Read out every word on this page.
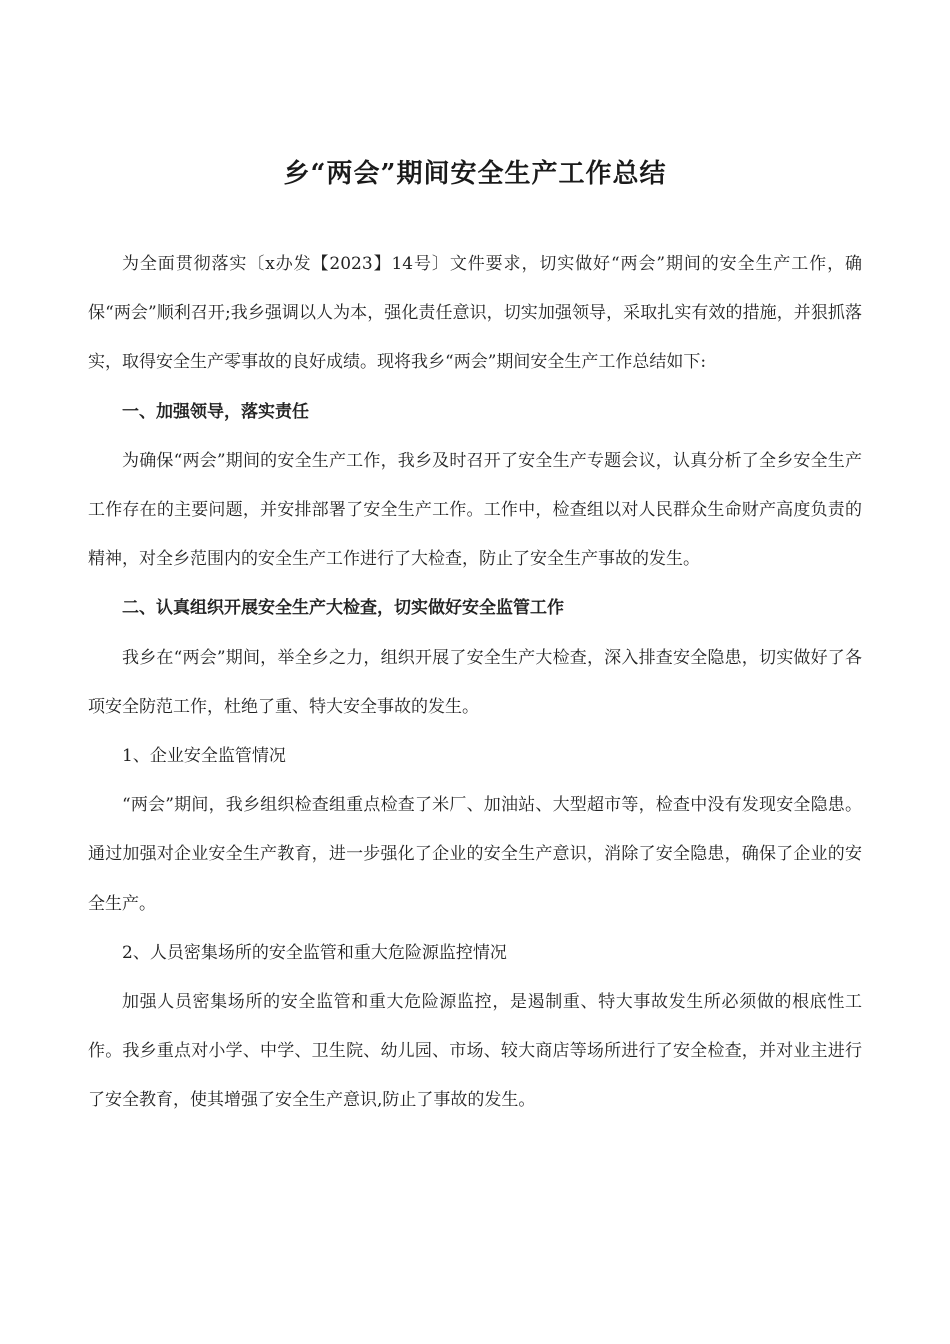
乡“两会”期间安全生产工作总结

为全面贯彻落实〔x办发【2023】14号〕文件要求，切实做好“两会”期间的安全生产工作，确保“两会”顺利召开;我乡强调以人为本，强化责任意识，切实加强领导，采取扎实有效的措施，并狠抓落实，取得安全生产零事故的良好成绩。现将我乡“两会”期间安全生产工作总结如下:

一、加强领导，落实责任

为确保“两会”期间的安全生产工作，我乡及时召开了安全生产专题会议，认真分析了全乡安全生产工作存在的主要问题，并安排部署了安全生产工作。工作中，检查组以对人民群众生命财产高度负责的精神，对全乡范围内的安全生产工作进行了大检查，防止了安全生产事故的发生。

二、认真组织开展安全生产大检查，切实做好安全监管工作

我乡在“两会”期间，举全乡之力，组织开展了安全生产大检查，深入排查安全隐患，切实做好了各项安全防范工作，杜绝了重、特大安全事故的发生。

1、企业安全监管情况

“两会”期间，我乡组织检查组重点检查了米厂、加油站、大型超市等，检查中没有发现安全隐患。通过加强对企业安全生产教育，进一步强化了企业的安全生产意识，消除了安全隐患，确保了企业的安全生产。

2、人员密集场所的安全监管和重大危险源监控情况

加强人员密集场所的安全监管和重大危险源监控，是遏制重、特大事故发生所必须做的根底性工作。我乡重点对小学、中学、卫生院、幼儿园、市场、较大商店等场所进行了安全检查，并对业主进行了安全教育，使其增强了安全生产意识,防止了事故的发生。
